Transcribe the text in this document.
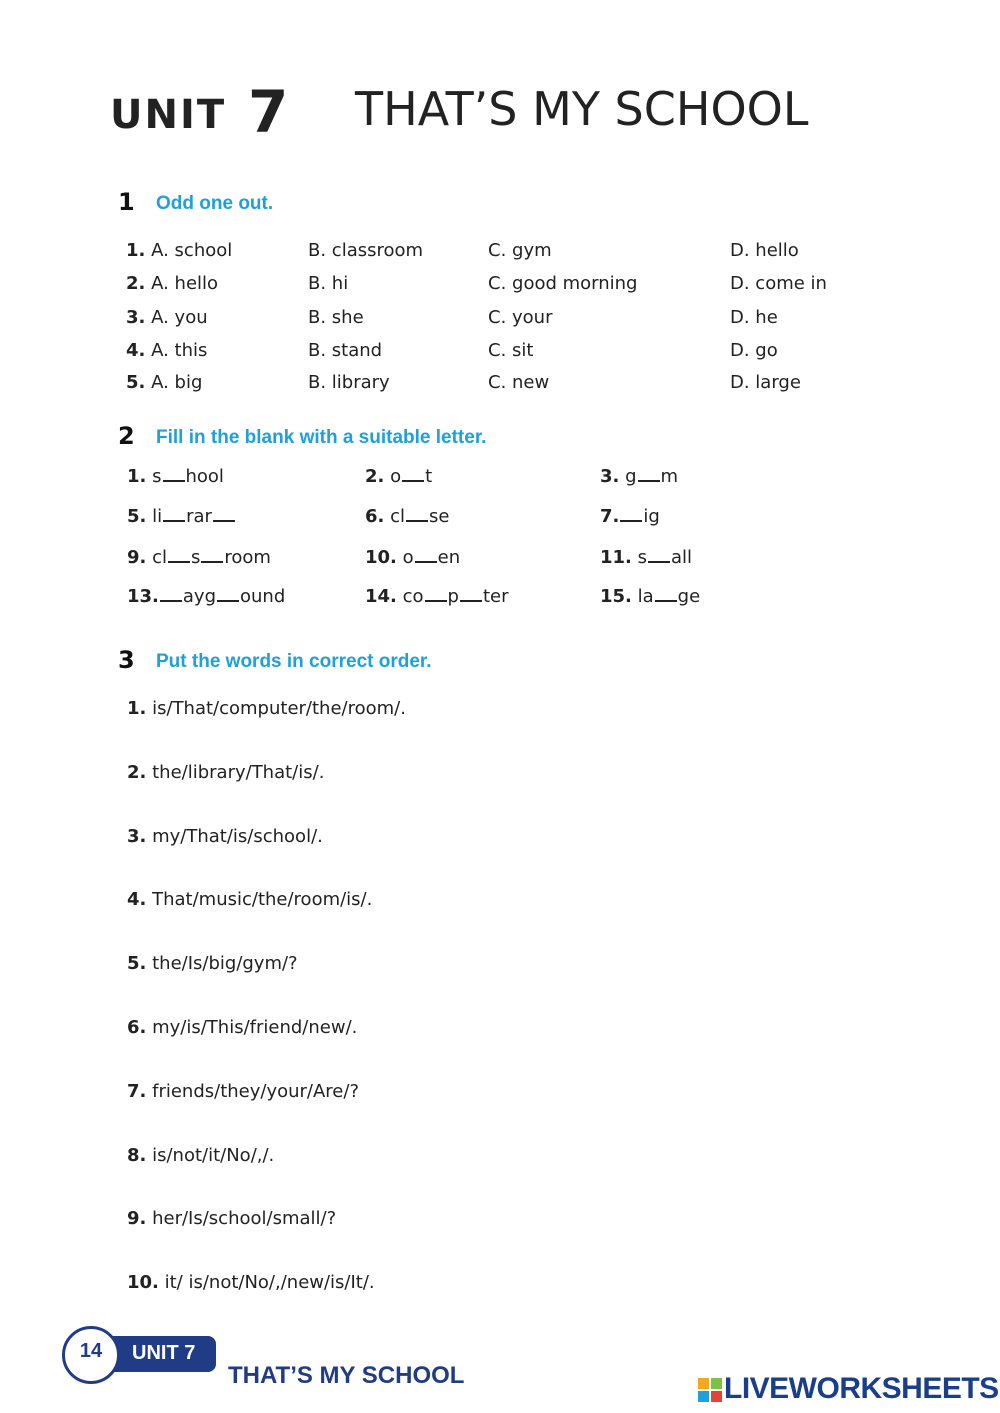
UNIT 7 THAT’S MY SCHOOL
1 Odd one out.
1. A. school	B. classroom	C. gym	D. hello
2. A. hello	B. hi	C. good morning	D. come in
3. A. you	B. she	C. your	D. he
4. A. this	B. stand	C. sit	D. go
5. A. big	B. library	C. new	D. large
2 Fill in the blank with a suitable letter.
1. s hool	2. o t	3. g m
5. li rar	6. cl se	7. ig
9. cl s room	10. o en	11. s all
13. ayg ound	14. co p ter	15. la ge
3 Put the words in correct order.
1. is/That/computer/the/room/.
2. the/library/That/is/.
3. my/That/is/school/.
4. That/music/the/room/is/.
5. the/Is/big/gym/?
6. my/is/This/friend/new/.
7. friends/they/your/Are/?
8. is/not/it/No/,/.
9. her/Is/school/small/?
10. it/ is/not/No/,/new/is/It/.
14	UNIT 7
THAT’S MY SCHOOL	LIVEWORKSHEETS
